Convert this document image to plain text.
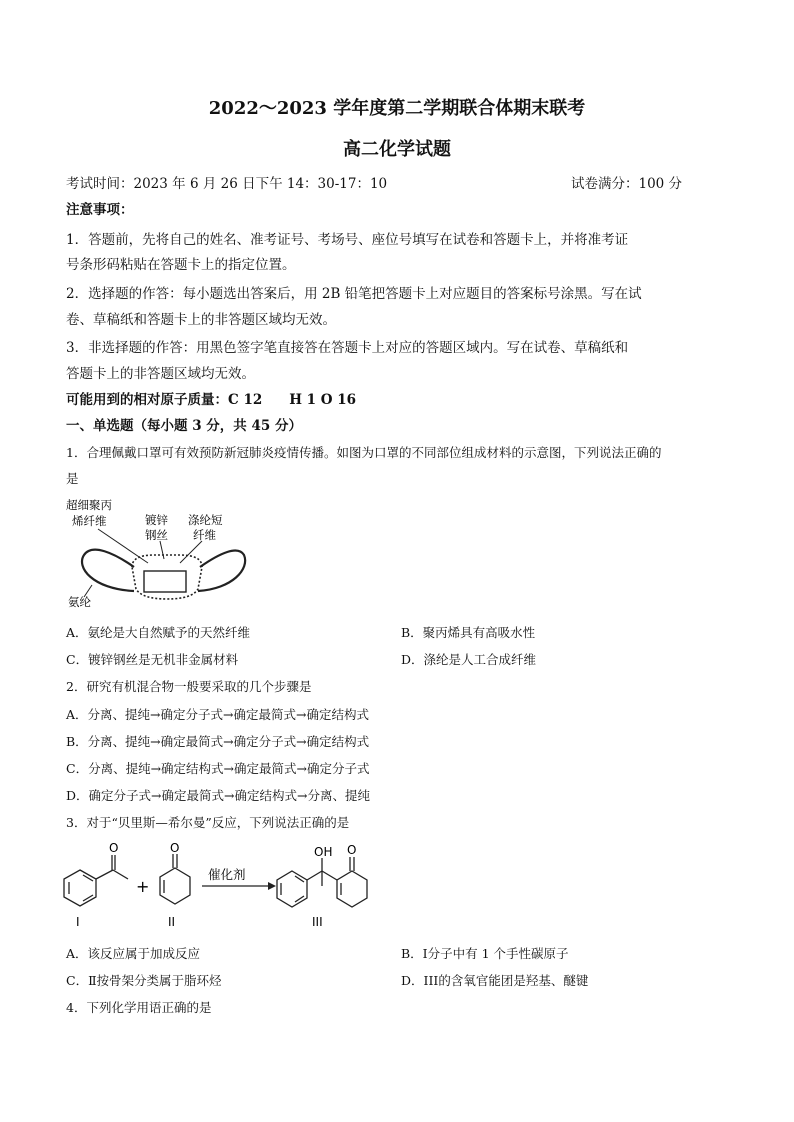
2022～2023 学年度第二学期联合体期末联考
高二化学试题
考试时间：2023 年 6 月 26 日下午 14：30-17：10	试卷满分：100 分
注意事项：
1．答题前，先将自己的姓名、准考证号、考场号、座位号填写在试卷和答题卡上，并将准考证
号条形码粘贴在答题卡上的指定位置。
2．选择题的作答：每小题选出答案后，用 2B 铅笔把答题卡上对应题目的答案标号涂黑。写在试
卷、草稿纸和答题卡上的非答题区域均无效。
3．非选择题的作答：用黑色签字笔直接答在答题卡上对应的答题区域内。写在试卷、草稿纸和
答题卡上的非答题区域均无效。
可能用到的相对原子质量：C 12　　H 1 O 16
一、单选题（每小题 3 分，共 45 分）
1．合理佩戴口罩可有效预防新冠肺炎疫情传播。如图为口罩的不同部位组成材料的示意图，下列说法正确的
是
超细聚丙
烯纤维	镀锌
钢丝
涤纶短
纤维
氨纶
A．氨纶是大自然赋予的天然纤维	B．聚丙烯具有高吸水性
C．镀锌钢丝是无机非金属材料	D．涤纶是人工合成纤维
2．研究有机混合物一般要采取的几个步骤是
A．分离、提纯→确定分子式→确定最简式→确定结构式
B．分离、提纯→确定最简式→确定分子式→确定结构式
C．分离、提纯→确定结构式→确定最简式→确定分子式
D．确定分子式→确定最简式→确定结构式→分离、提纯
3．对于“贝里斯—希尔曼”反应，下列说法正确的是
O	O	OH O
+
催化剂
I	II	III
A．该反应属于加成反应	B．Ⅰ分子中有 1 个手性碳原子
C．Ⅱ按骨架分类属于脂环烃	D．III的含氧官能团是羟基、醚键
4．下列化学用语正确的是
